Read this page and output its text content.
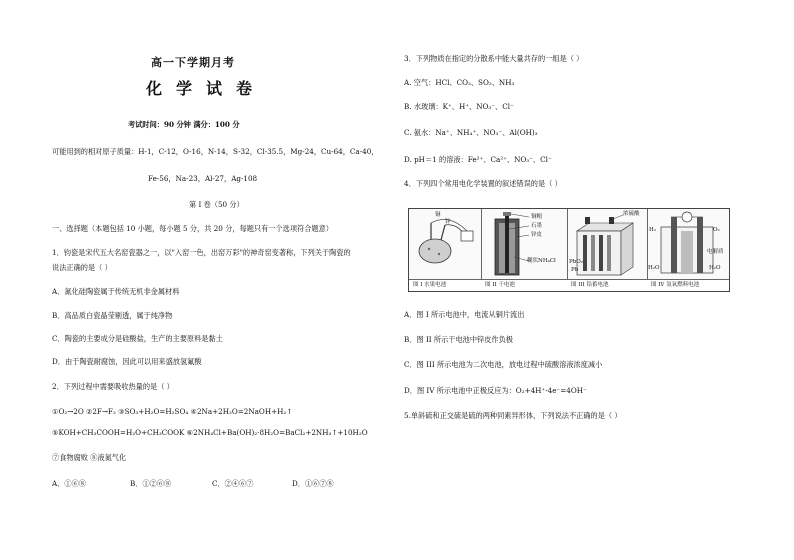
高一下学期月考
化学试卷
考试时间：90 分钟 满分：100 分
可能用到的相对原子质量：H-1，C-12，O-16，N-14，S-32，Cl-35.5，Mg-24，Cu-64，Ca-40，
Fe-56，Na-23，Al-27，Ag-108
第 I 卷（50 分）
一、选择题（本题包括 10 小题，每小题 5 分，共 20 分，每题只有一个选项符合题意）
1．钧瓷是宋代五大名窑瓷器之一，以"入窑一色，出窑万彩"的神奇窑变著称，下列关于陶瓷的
说法正确的是（ ）
A．氮化硅陶瓷属于传统无机非金属材料
B．高品质白瓷晶莹剔透，属于纯净物
C．陶瓷的主要成分是硅酸盐，生产的主要原料是黏土
D．由于陶瓷耐腐蚀，因此可以用来盛放氢氟酸
2．下列过程中需要吸收热量的是（ ）
①O₂→2O ②2F→F₂ ③SO₃+H₂O=H₂SO₄ ④2Na+2H₂O=2NaOH+H₂↑
⑤KOH+CH₃COOH=H₂O+CH₃COOK ⑥2NH₄Cl+Ba(OH)₂·8H₂O=BaCl₂+2NH₃↑+10H₂O
⑦食物腐败 ⑧液氮气化
A．①⑥⑧	B．①②⑥⑧	C．②④⑥⑦	D．①⑥⑦⑧
3．下列物质在指定的分散系中能大量共存的一组是（ ）
A. 空气：HCl、CO₂、SO₂、NH₃
B. 水玻璃：K⁺、H⁺、NO₃⁻、Cl⁻
C. 氨水：Na⁺、NH₄⁺、NO₃⁻、Al(OH)₃
D. pH＝1 的溶液：Fe²⁺、Ca²⁺、NO₃⁻、Cl⁻
4．下列四个常用电化学装置的叙述错误的是（ ）
铜
锌
图 I 水果电池
铜帽
石墨
锌皮
糊状NH₄Cl
图 II 干电池
浓硫酸
PbO₂
Pb
图 III 铅蓄电池
H₂	O₂
电解质
H₂O	H₂O
图 IV 氢氧燃料电池
A．图 I 所示电池中，电流从铜片流出
B．图 II 所示干电池中锌皮作负极
C．图 III 所示电池为二次电池，放电过程中硫酸溶液浓度减小
D．图 IV 所示电池中正极反应为：O₂+4H⁺-4e⁻=4OH⁻
5.单斜硫和正交硫是硫的两种同素异形体，下列说法不正确的是（ ）
